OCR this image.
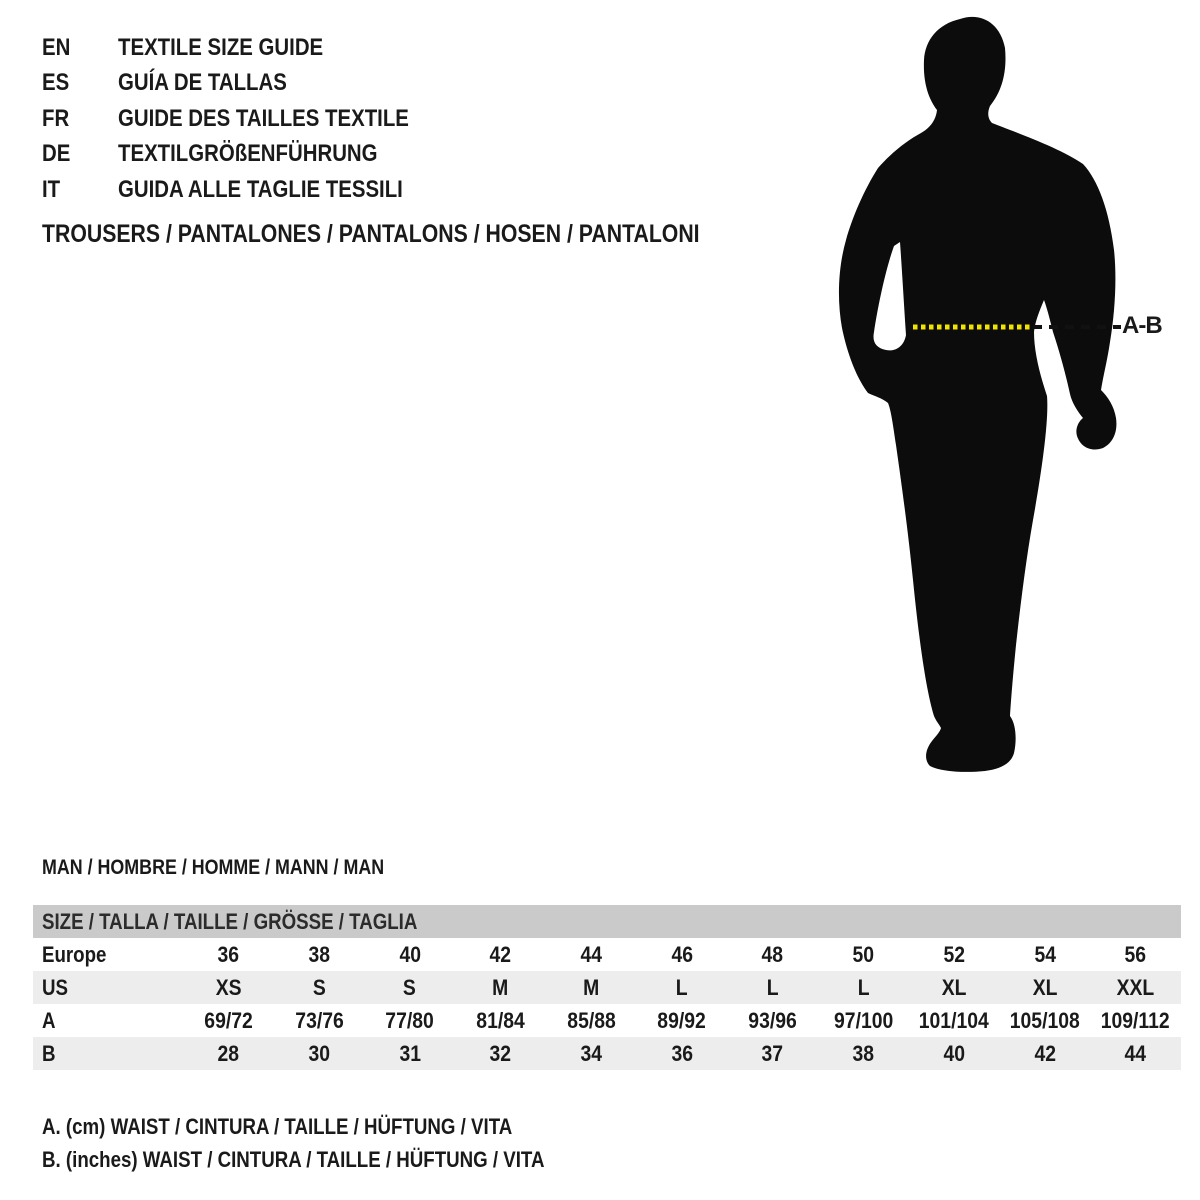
EN	TEXTILE SIZE GUIDE
ES	GUÍA DE TALLAS
FR	GUIDE DES TAILLES TEXTILE
DE	TEXTILGRÖßENFÜHRUNG
IT	GUIDA ALLE TAGLIE TESSILI
TROUSERS / PANTALONES / PANTALONS / HOSEN / PANTALONI
A-B
MAN / HOMBRE / HOMME / MANN / MAN
SIZE / TALLA / TAILLE / GRÖSSE / TAGLIA
Europe	36	38	40	42	44	46	48	50	52	54	56
US	XS	S	S	M	M	L	L	L	XL	XL	XXL
A	69/72 73/76 77/80 81/84 85/88 89/92 93/96 97/100 101/104 105/108 109/112
B	28	30	31	32	34	36	37	38	40	42	44
A. (cm) WAIST / CINTURA / TAILLE / HÜFTUNG / VITA
B. (inches) WAIST / CINTURA / TAILLE / HÜFTUNG / VITA
